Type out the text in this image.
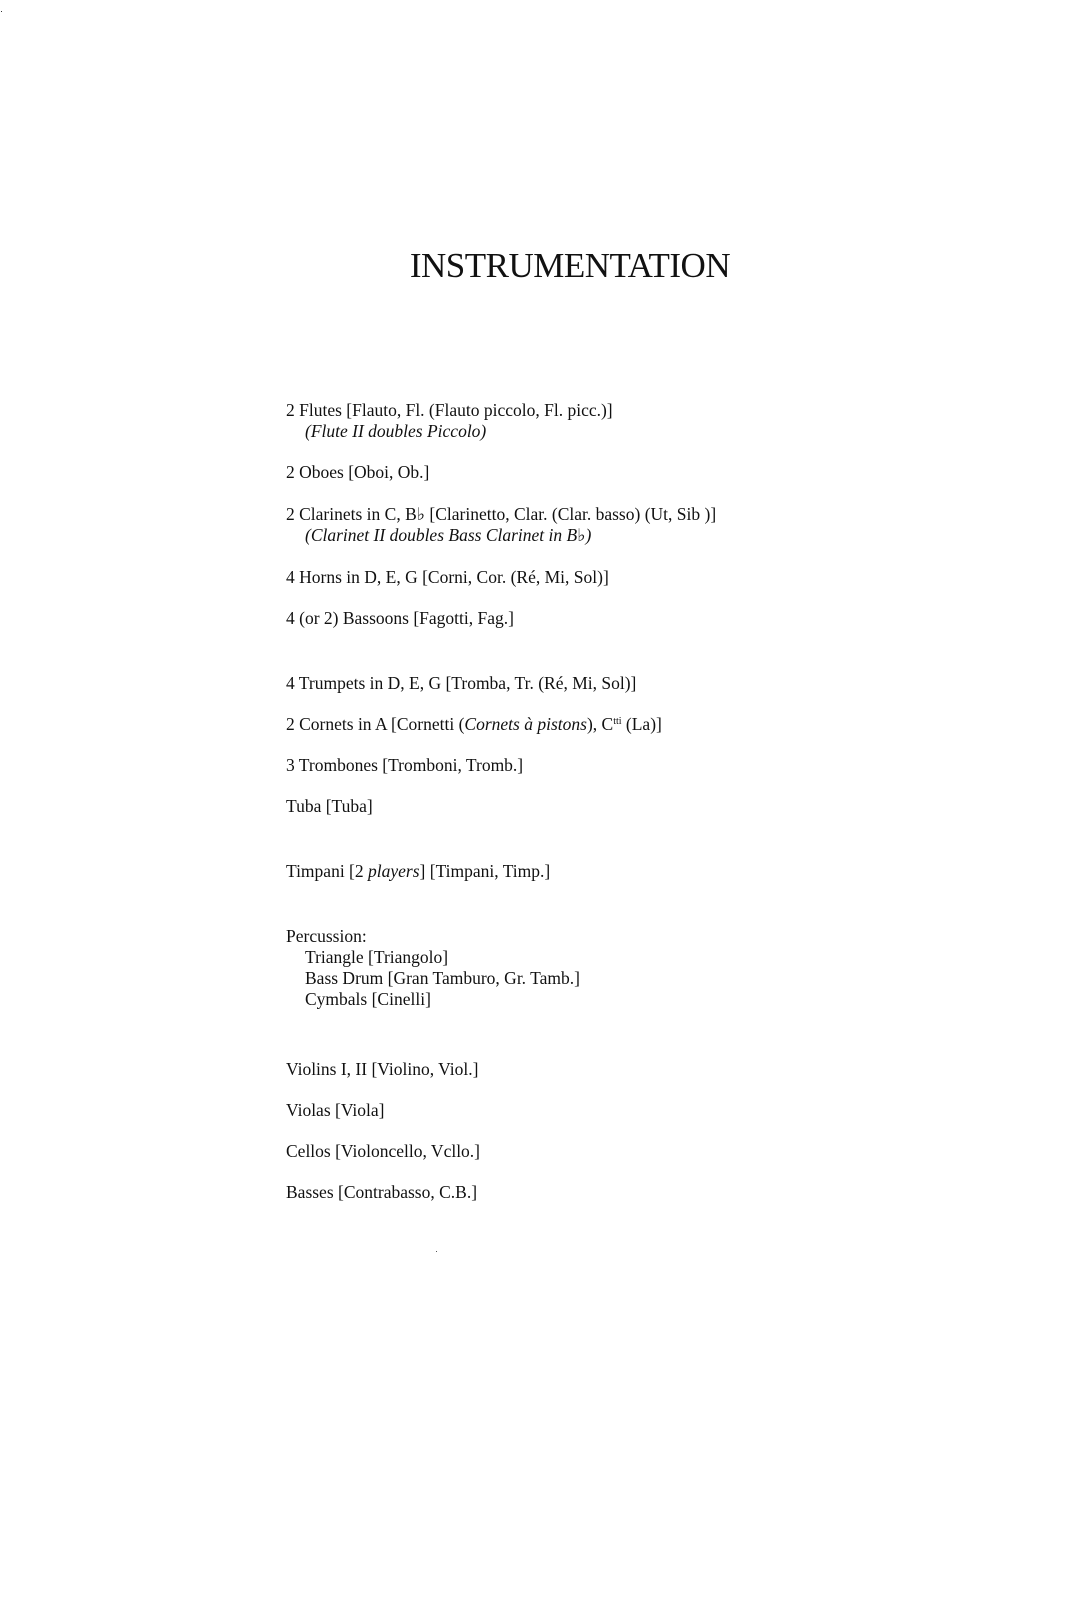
INSTRUMENTATION
2 Flutes [Flauto, Fl. (Flauto piccolo, Fl. picc.)]
(Flute II doubles Piccolo)
2 Oboes [Oboi, Ob.]
2 Clarinets in C, B♭ [Clarinetto, Clar. (Clar. basso) (Ut, Sib )]
(Clarinet II doubles Bass Clarinet in B♭)
4 Horns in D, E, G [Corni, Cor. (Ré, Mi, Sol)]
4 (or 2) Bassoons [Fagotti, Fag.]
4 Trumpets in D, E, G [Tromba, Tr. (Ré, Mi, Sol)]
2 Cornets in A [Cornetti (Cornets à pistons), $C^{tti}$ (La)]
3 Trombones [Tromboni, Tromb.]
Tuba [Tuba]
Timpani [2 players] [Timpani, Timp.]
Percussion:
Triangle [Triangolo]
Bass Drum [Gran Tamburo, Gr. Tamb.]
Cymbals [Cinelli]
Violins I, II [Violino, Viol.]
Violas [Viola]
Cellos [Violoncello, Vcllo.]
Basses [Contrabasso, C.B.]
